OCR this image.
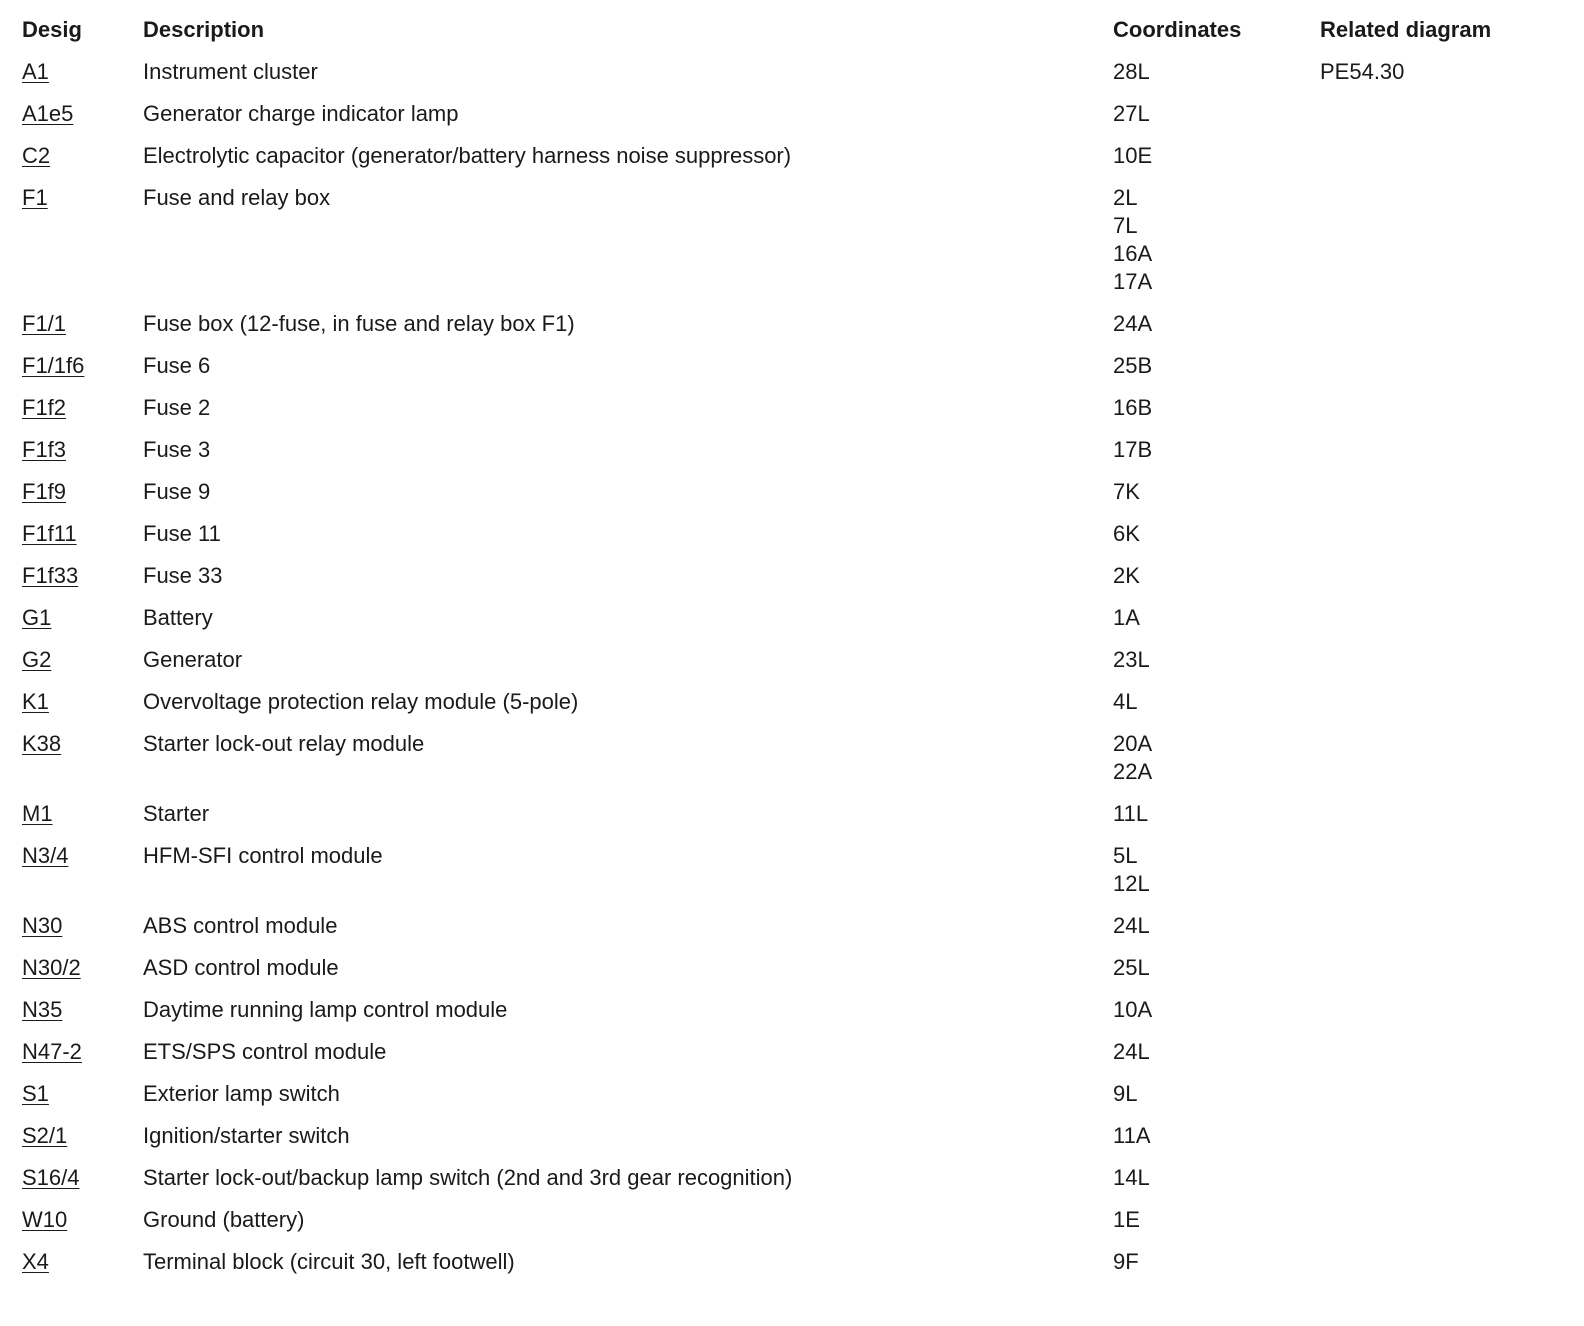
Desig	Description	Coordinates	Related diagram
A1	Instrument cluster	28L	PE54.30
A1e5	Generator charge indicator lamp	27L
C2	Electrolytic capacitor (generator/battery harness noise suppressor)	10E
F1	Fuse and relay box	2L
7L
16A
17A
F1/1	Fuse box (12-fuse, in fuse and relay box F1)	24A
F1/1f6	Fuse 6	25B
F1f2	Fuse 2	16B
F1f3	Fuse 3	17B
F1f9	Fuse 9	7K
F1f11	Fuse 11	6K
F1f33	Fuse 33	2K
G1	Battery	1A
G2	Generator	23L
K1	Overvoltage protection relay module (5-pole)	4L
K38	Starter lock-out relay module	20A
22A
M1	Starter	11L
N3/4	HFM-SFI control module	5L
12L
N30	ABS control module	24L
N30/2	ASD control module	25L
N35	Daytime running lamp control module	10A
N47-2	ETS/SPS control module	24L
S1	Exterior lamp switch	9L
S2/1	Ignition/starter switch	11A
S16/4	Starter lock-out/backup lamp switch (2nd and 3rd gear recognition)	14L
W10	Ground (battery)	1E
X4	Terminal block (circuit 30, left footwell)	9F
